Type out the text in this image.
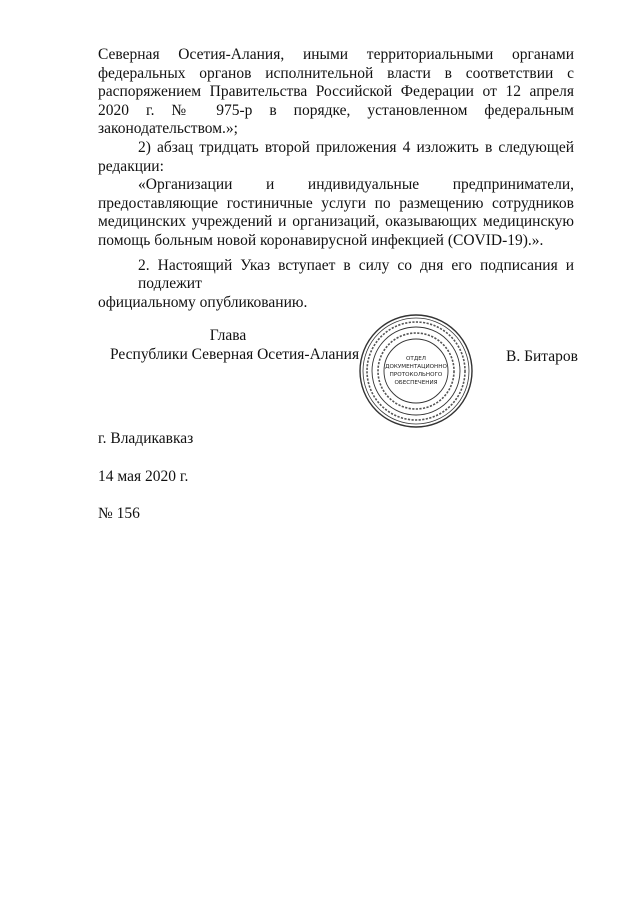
Северная Осетия-Алания, иными территориальными органами
федеральных органов исполнительной власти в соответствии с
распоряжением Правительства Российской Федерации от 12 апреля
2020 г. № 975-р в порядке, установленном федеральным
законодательством.»;
2) абзац тридцать второй приложения 4 изложить в следующей
редакции:
«Организации и индивидуальные предприниматели,
предоставляющие гостиничные услуги по размещению сотрудников
медицинских учреждений и организаций, оказывающих медицинскую
помощь больным новой коронавирусной инфекцией (COVID-19).».
2. Настоящий Указ вступает в силу со дня его подписания и подлежит
официальному опубликованию.
Глава
Республики Северная Осетия-Алания	ОТДЕЛ
ДОКУМЕНТАЦИОННО
ПРОТОКОЛЬНОГО
ОБЕСПЕЧЕНИЯ
В. Битаров
г. Владикавказ
14 мая 2020 г.
№ 156
